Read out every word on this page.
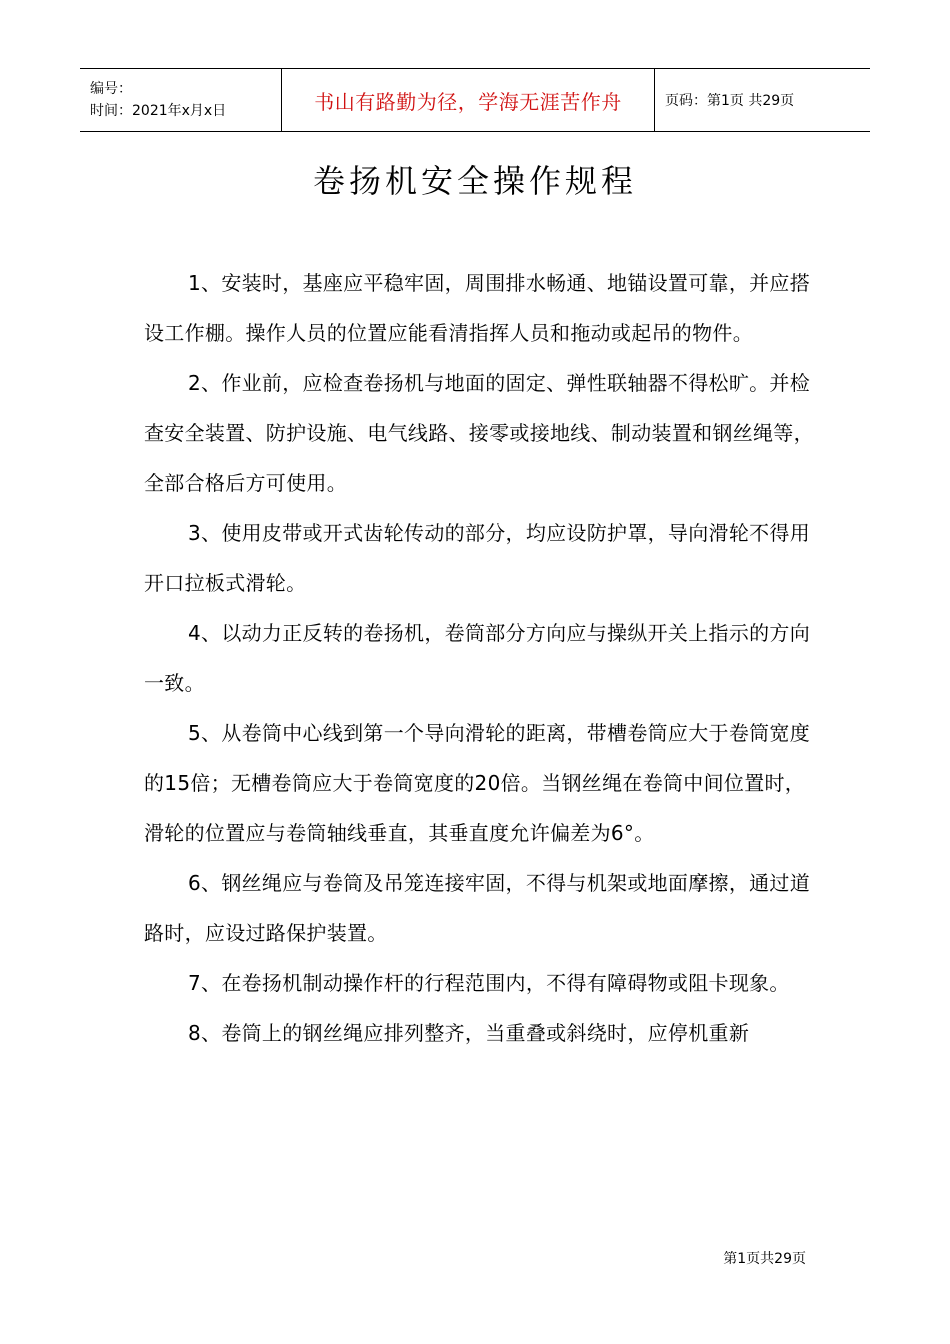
编号：
时间：2021年x月x日	书山有路勤为径，学海无涯苦作舟	页码：第1页 共29页
卷扬机安全操作规程

1、安装时，基座应平稳牢固，周围排水畅通、地锚设置可靠，并应搭设工作棚。操作人员的位置应能看清指挥人员和拖动或起吊的物件。

2、作业前，应检查卷扬机与地面的固定、弹性联轴器不得松旷。并检查安全装置、防护设施、电气线路、接零或接地线、制动装置和钢丝绳等，全部合格后方可使用。

3、使用皮带或开式齿轮传动的部分，均应设防护罩，导向滑轮不得用开口拉板式滑轮。

4、以动力正反转的卷扬机，卷筒部分方向应与操纵开关上指示的方向一致。

5、从卷筒中心线到第一个导向滑轮的距离，带槽卷筒应大于卷筒宽度的15倍；无槽卷筒应大于卷筒宽度的20倍。当钢丝绳在卷筒中间位置时，滑轮的位置应与卷筒轴线垂直，其垂直度允许偏差为6°。

6、钢丝绳应与卷筒及吊笼连接牢固，不得与机架或地面摩擦，通过道路时，应设过路保护装置。

7、在卷扬机制动操作杆的行程范围内，不得有障碍物或阻卡现象。

8、卷筒上的钢丝绳应排列整齐，当重叠或斜绕时，应停机重新

第1页共29页
